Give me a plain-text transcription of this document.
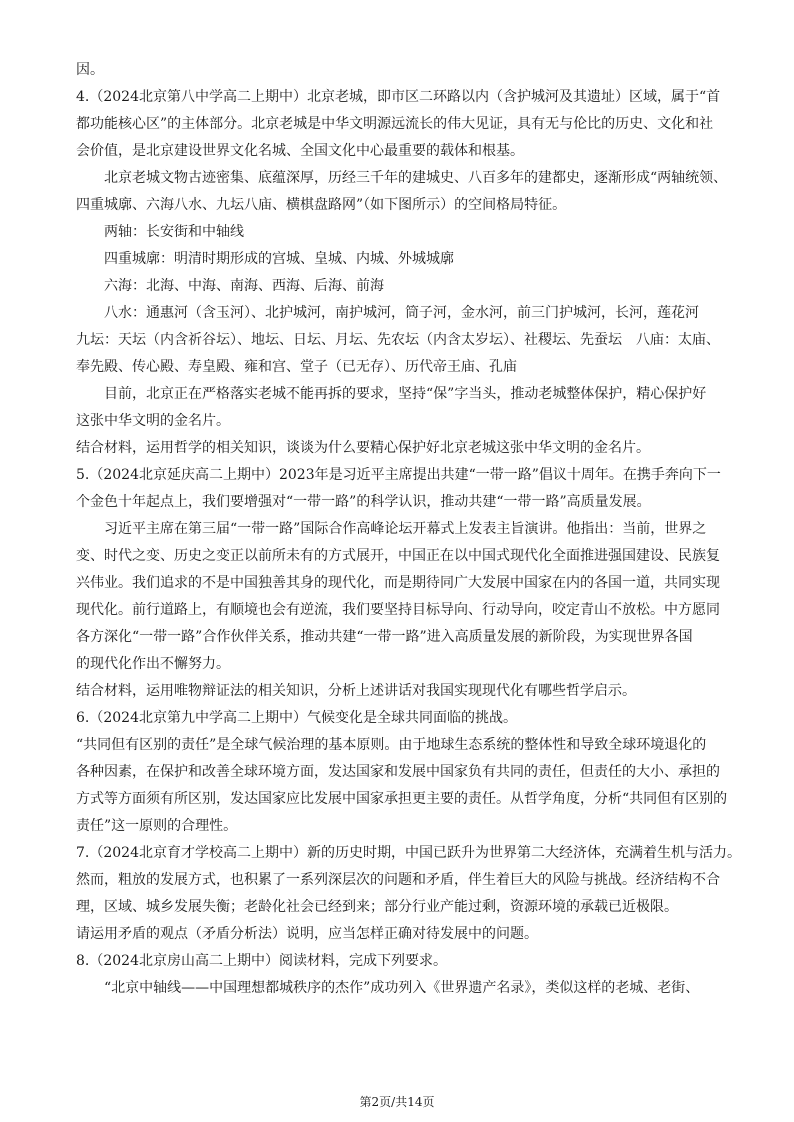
因。
4.（2024北京第八中学高二上期中）北京老城，即市区二环路以内（含护城河及其遗址）区域，属于“首
都功能核心区”的主体部分。北京老城是中华文明源远流长的伟大见证，具有无与伦比的历史、文化和社
会价值，是北京建设世界文化名城、全国文化中心最重要的载体和根基。
北京老城文物古迹密集、底蕴深厚，历经三千年的建城史、八百多年的建都史，逐渐形成“两轴统领、
四重城廓、六海八水、九坛八庙、横棋盘路网”（如下图所示）的空间格局特征。
两轴：长安街和中轴线
四重城廓：明清时期形成的宫城、皇城、内城、外城城廓
六海：北海、中海、南海、西海、后海、前海
八水：通惠河（含玉河）、北护城河，南护城河，筒子河，金水河，前三门护城河，长河，莲花河
九坛：天坛（内含祈谷坛）、地坛、日坛、月坛、先农坛（内含太岁坛）、社稷坛、先蚕坛　八庙：太庙、
奉先殿、传心殿、寿皇殿、雍和宫、堂子（已无存）、历代帝王庙、孔庙
目前，北京正在严格落实老城不能再拆的要求，坚持“保”字当头，推动老城整体保护，精心保护好
这张中华文明的金名片。
结合材料，运用哲学的相关知识，谈谈为什么要精心保护好北京老城这张中华文明的金名片。
5.（2024北京延庆高二上期中）2023年是习近平主席提出共建“一带一路”倡议十周年。在携手奔向下一
个金色十年起点上，我们要增强对“一带一路”的科学认识，推动共建“一带一路”高质量发展。
习近平主席在第三届“一带一路”国际合作高峰论坛开幕式上发表主旨演讲。他指出：当前，世界之
变、时代之变、历史之变正以前所未有的方式展开，中国正在以中国式现代化全面推进强国建设、民族复
兴伟业。我们追求的不是中国独善其身的现代化，而是期待同广大发展中国家在内的各国一道，共同实现
现代化。前行道路上，有顺境也会有逆流，我们要坚持目标导向、行动导向，咬定青山不放松。中方愿同
各方深化“一带一路”合作伙伴关系，推动共建“一带一路”进入高质量发展的新阶段，为实现世界各国
的现代化作出不懈努力。
结合材料，运用唯物辩证法的相关知识，分析上述讲话对我国实现现代化有哪些哲学启示。
6.（2024北京第九中学高二上期中）气候变化是全球共同面临的挑战。
“共同但有区别的责任”是全球气候治理的基本原则。由于地球生态系统的整体性和导致全球环境退化的
各种因素，在保护和改善全球环境方面，发达国家和发展中国家负有共同的责任，但责任的大小、承担的
方式等方面须有所区别，发达国家应比发展中国家承担更主要的责任。从哲学角度，分析“共同但有区别的
责任”这一原则的合理性。
7.（2024北京育才学校高二上期中）新的历史时期，中国已跃升为世界第二大经济体，充满着生机与活力。
然而，粗放的发展方式，也积累了一系列深层次的问题和矛盾，伴生着巨大的风险与挑战。经济结构不合
理，区域、城乡发展失衡；老龄化社会已经到来；部分行业产能过剩，资源环境的承载已近极限。
请运用矛盾的观点（矛盾分析法）说明，应当怎样正确对待发展中的问题。
8.（2024北京房山高二上期中）阅读材料，完成下列要求。
“北京中轴线——中国理想都城秩序的杰作”成功列入《世界遗产名录》，类似这样的老城、老街、
第2页/共14页
